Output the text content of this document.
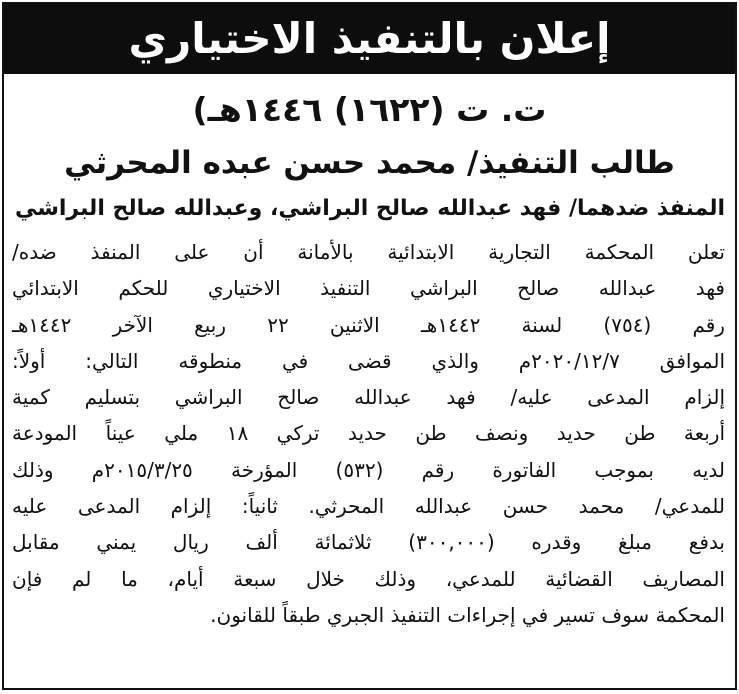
إعلان بالتنفيذ الاختياري
ت. ت (١٦٢٢) ١٤٤٦هـ)
طالب التنفيذ/ محمد حسن عبده المحرثي
المنفذ ضدهما/ فهد عبدالله صالح البراشي، وعبدالله صالح البراشي
تعلن المحكمة التجارية الابتدائية بالأمانة أن على المنفذ ضده/
فهد عبدالله صالح البراشي التنفيذ الاختياري للحكم الابتدائي
رقم (٧٥٤) لسنة ١٤٤٢هـ الاثنين ٢٢ ربيع الآخر ١٤٤٢هـ
الموافق ٢٠٢٠/١٢/٧م والذي قضى في منطوقه التالي: أولاً:
إلزام المدعى عليه/ فهد عبدالله صالح البراشي بتسليم كمية
أربعة طن حديد ونصف طن حديد تركي ١٨ ملي عيناً المودعة
لديه بموجب الفاتورة رقم (٥٣٢) المؤرخة ٢٠١٥/٣/٢٥م وذلك
للمدعي/ محمد حسن عبدالله المحرثي. ثانياً: إلزام المدعى عليه
بدفع مبلغ وقدره (٣٠٠,٠٠٠) ثلاثمائة ألف ريال يمني مقابل
المصاريف القضائية للمدعي، وذلك خلال سبعة أيام، ما لم فإن
المحكمة سوف تسير في إجراءات التنفيذ الجبري طبقاً للقانون.
